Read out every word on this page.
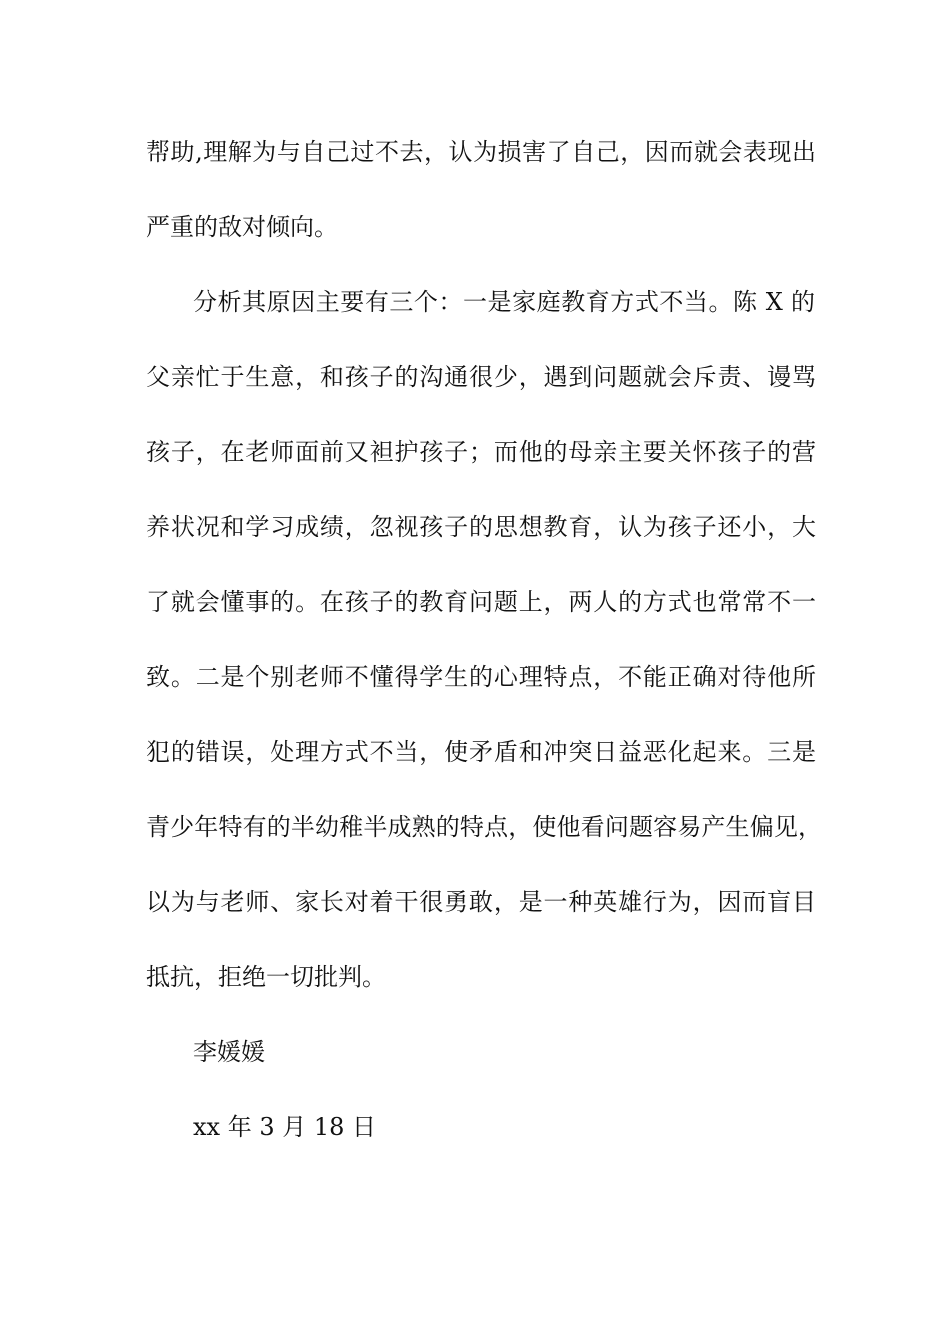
帮助,理解为与自己过不去，认为损害了自己，因而就会表现出
严重的敌对倾向。
分析其原因主要有三个：一是家庭教育方式不当。陈 X 的
父亲忙于生意，和孩子的沟通很少，遇到问题就会斥责、谩骂
孩子，在老师面前又袒护孩子；而他的母亲主要关怀孩子的营
养状况和学习成绩，忽视孩子的思想教育，认为孩子还小，大
了就会懂事的。在孩子的教育问题上，两人的方式也常常不一
致。二是个别老师不懂得学生的心理特点，不能正确对待他所
犯的错误，处理方式不当，使矛盾和冲突日益恶化起来。三是
青少年特有的半幼稚半成熟的特点，使他看问题容易产生偏见，
以为与老师、家长对着干很勇敢，是一种英雄行为，因而盲目
抵抗，拒绝一切批判。
李媛媛
xx 年 3 月 18 日
